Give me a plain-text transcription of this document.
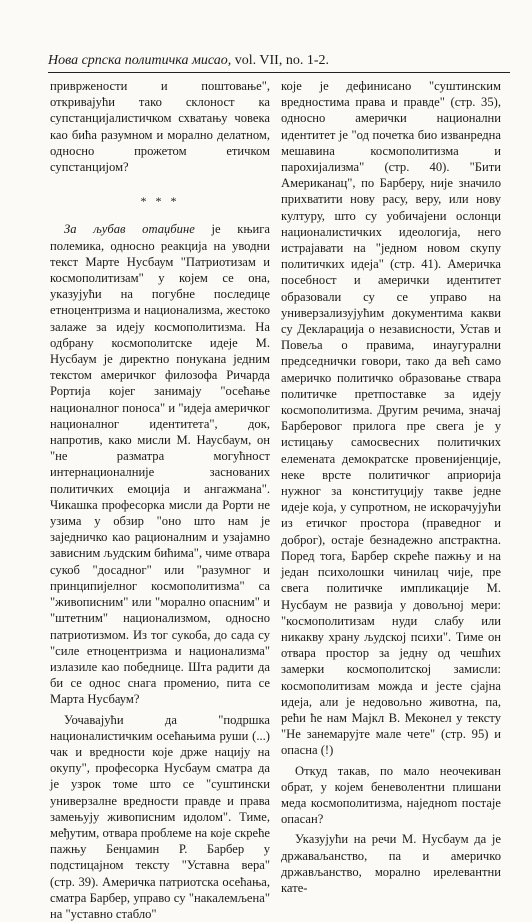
Нова српска политичка мисао, vol. VII, no. 1-2.

привржености и поштовање", откривајући тако склоност ка супстанцијалистичком схватању човека као бића разумном и морално делатном, односно прожетом етичком супстанцијом?

* * *

За љубав отаџбине је књига полемика, односно реакција на уводни текст Марте Нусбаум "Патриотизам и космополитизам" у којем се она, указујући на погубне последице етноцентризма и национализма, жестоко залаже за идеју космополитизма. На одбрану космополитске идеје М. Нусбаум је директно понукана једним текстом америчког филозофа Ричарда Рортија којег занимају "осећање националног поноса" и "идеја америчког националног идентитета", док, напротив, како мисли М. Наусбаум, он "не разматра могућност интернационалније заснованих политичких емоција и ангажмана". Чикашка професорка мисли да Рорти не узима у обзир "оно што нам је заједничко као рационалним и узајамно зависним људским бићима", чиме отвара сукоб "досадног" или "разумног и принципијелног космополитизма" са "живописним" или "морално опасним" и "штетним" национализмом, односно патриотизмом. Из тог сукоба, до сада су "силе етноцентризма и национализма" излазиле као победнице. Шта радити да би се однос снага променио, пита се Марта Нусбаум?

Уочавајући да "подршка националистичким осећањима руши (...) чак и вредности које држе нацију на окупу", професорка Нусбаум сматра да је узрок томе што се "суштински универзалне вредности правде и права замењују живописним идолом". Тиме, међутим, отвара проблеме на које скреће пажњу Бенџамин Р. Барбер у подстицајном тексту "Уставна вера" (стр. 39). Америчка патриотска осећања, сматра Барбер, управо су "накалемљена" на "уставно стабло"

које је дефинисано "суштинским вредностима права и правде" (стр. 35), односно амерички национални идентитет је "од почетка био изванредна мешавина космополитизма и парохијализма" (стр. 40). "Бити Американац", по Барберу, није значило прихватити нову расу, веру, или нову културу, што су уобичајени ослонци националистичких идеологија, него истрајавати на "једном новом скупу политичких идеја" (стр. 41). Америчка посебност и амерички идентитет образовали су се управо на универзализујућим документима какви су Декларација о независности, Устав и Повеља о правима, инаугурални председнички говори, тако да већ само америчко политичко образовање ствара политичке претпоставке за идеју космополитизма. Другим речима, значај Барберовог прилога пре свега је у истицању самосвесних политичких елемената демократске провенијенције, неке врсте политичког априорија нужног за конституцију такве једне идеје која, у супротном, не искорачујући из етичког простора (праведног и доброг), остаје безнадежно апстрактна. Поред тога, Барбер скреће пажњу и на један психолошки чинилац чије, пре свега политичке импликације М. Нусбаум не развија у довољној мери: "космополитизам нуди слабу или никакву храну људској психи". Тиме он отвара простор за једну од чешћих замерки космополитској замисли: космополитизам можда и јесте сјајна идеја, али је недовољно животна, па, рећи ће нам Мајкл В. Меконел у тексту "Не занемарујте мале чете" (стр. 95) и опасна (!)

Откуд такав, по мало неочекиван обрат, у којем беневолентни плишани меда космополитизма, наједнom постаје опасан?

Указујући на речи М. Нусбаум да је државаљанство, па и америчко држављанство, морално ирелевантни кате-
